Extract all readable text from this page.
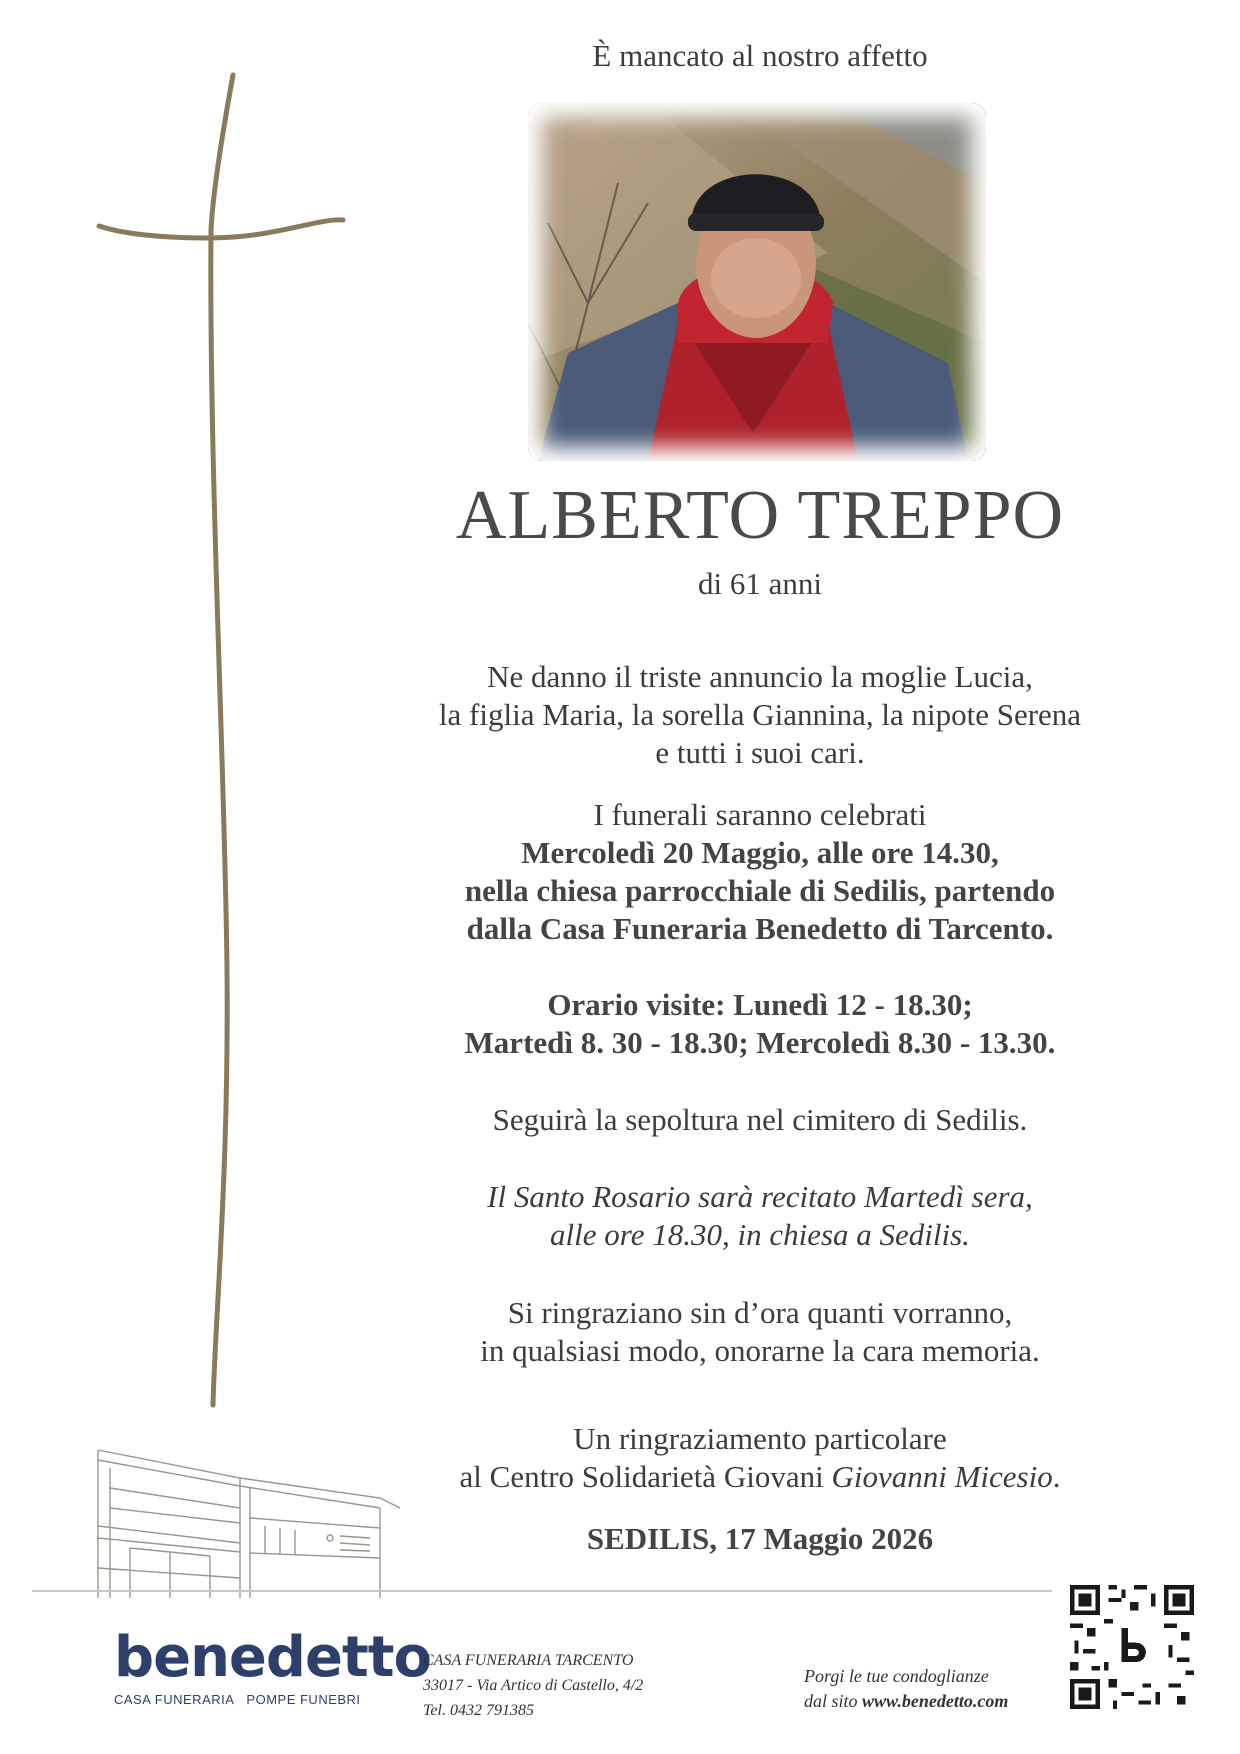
È mancato al nostro affetto
ALBERTO TREPPO
di 61 anni
Ne danno il triste annuncio la moglie Lucia,
la figlia Maria, la sorella Giannina, la nipote Serena
e tutti i suoi cari.
I funerali saranno celebrati
Mercoledì 20 Maggio, alle ore 14.30,
nella chiesa parrocchiale di Sedilis, partendo
dalla Casa Funeraria Benedetto di Tarcento.
Orario visite: Lunedì 12 - 18.30;
Martedì 8. 30 - 18.30; Mercoledì 8.30 - 13.30.
Seguirà la sepoltura nel cimitero di Sedilis.
Il Santo Rosario sarà recitato Martedì sera,
alle ore 18.30, in chiesa a Sedilis.
Si ringraziano sin d’ora quanti vorranno,
in qualsiasi modo, onorarne la cara memoria.
Un ringraziamento particolare
al Centro Solidarietà Giovani Giovanni Micesio.
SEDILIS, 17 Maggio 2026
benedetto
CASA FUNERARIA POMPE FUNEBRI
CASA FUNERARIA TARCENTO
33017 - Via Artico di Castello, 4/2
Tel. 0432 791385
Porgi le tue condoglianze
dal sito www.benedetto.com
